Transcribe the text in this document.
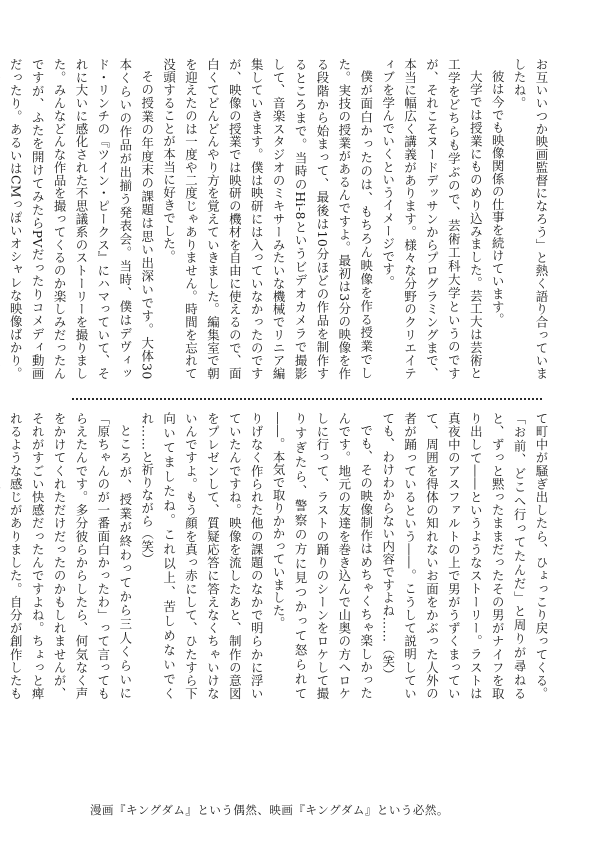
お互いいつか映画監督になろう」と熱く語り合っていましたね。

彼は今でも映像関係の仕事を続けています。

大学では授業にものめり込みました。芸工大は芸術と工学をどちらも学ぶので、芸術工科大学というのですが、それこそヌードデッサンからプログラミングまで、本当に幅広く講義があります。様々な分野のクリエイティブを学んでいくというイメージです。

僕が面白かったのは、もちろん映像を作る授業でした。実技の授業があるんですよ。最初は3分の映像を作る段階から始まって、最後は10分ほどの作品を制作するところまで。当時のHi-8というビデオカメラで撮影して、音楽スタジオのミキサーみたいな機械でリニア編集していきます。僕は映研には入っていなかったのですが、映像の授業では映研の機材を自由に使えるので、面白くてどんどんやり方を覚えていきました。編集室で朝を迎えたのは一度や二度じゃありません。時間を忘れて没頭することが本当に好きでした。

その授業の年度末の課題は思い出深いです。大体30本くらいの作品が出揃う発表会。当時、僕はデヴィッド・リンチの『ツイン・ピークス』にハマっていて、それに大いに感化された不思議系のストーリーを撮りました。みんなどんな作品を撮ってくるのか楽しみだったんですが、ふたを開けてみたらPVだったりコメディ動画だったり。あるいはCMっぽいオシャレな映像ばかり。

て町中が騒ぎ出したら、ひょっこり戻ってくる。「お前、どこへ行ってたんだ」と周りが尋ねると、ずっと黙ったままだったその男がナイフを取り出して――というようなストーリー。ラストは真夜中のアスファルトの上で男がうずくまっていて、周囲を得体の知れないお面をかぶった人外の者が踊っているという――。こうして説明していても、わけわからない内容ですよね……（笑）

でも、その映像制作はめちゃくちゃ楽しかったんです。地元の友達を巻き込んで山奥の方へロケしに行って、ラストの踊りのシーンをロケして撮りすぎたら、警察の方に見つかって怒られて――。本気で取りかかっていました。

りげなく作られた他の課題のなかで明らかに浮いていたんですね。映像を流したあと、制作の意図をプレゼンして、質疑応答に答えなくちゃいけないんですよ。もう顔を真っ赤にして、ひたすら下向いてましたね。これ以上、苦しめないでくれ……と祈りながら（笑）

ところが、授業が終わってから三人くらいに「原ちゃんのが一番面白かったわ」って言ってもらえたんです。多分彼らからしたら、何気なく声をかけてくれただけだったのかもしれませんが、それがすごい快感だったんですよね。ちょっと痺れるような感じがありました。自分が創作したも

漫画『キングダム』という偶然、映画『キングダム』という必然。
